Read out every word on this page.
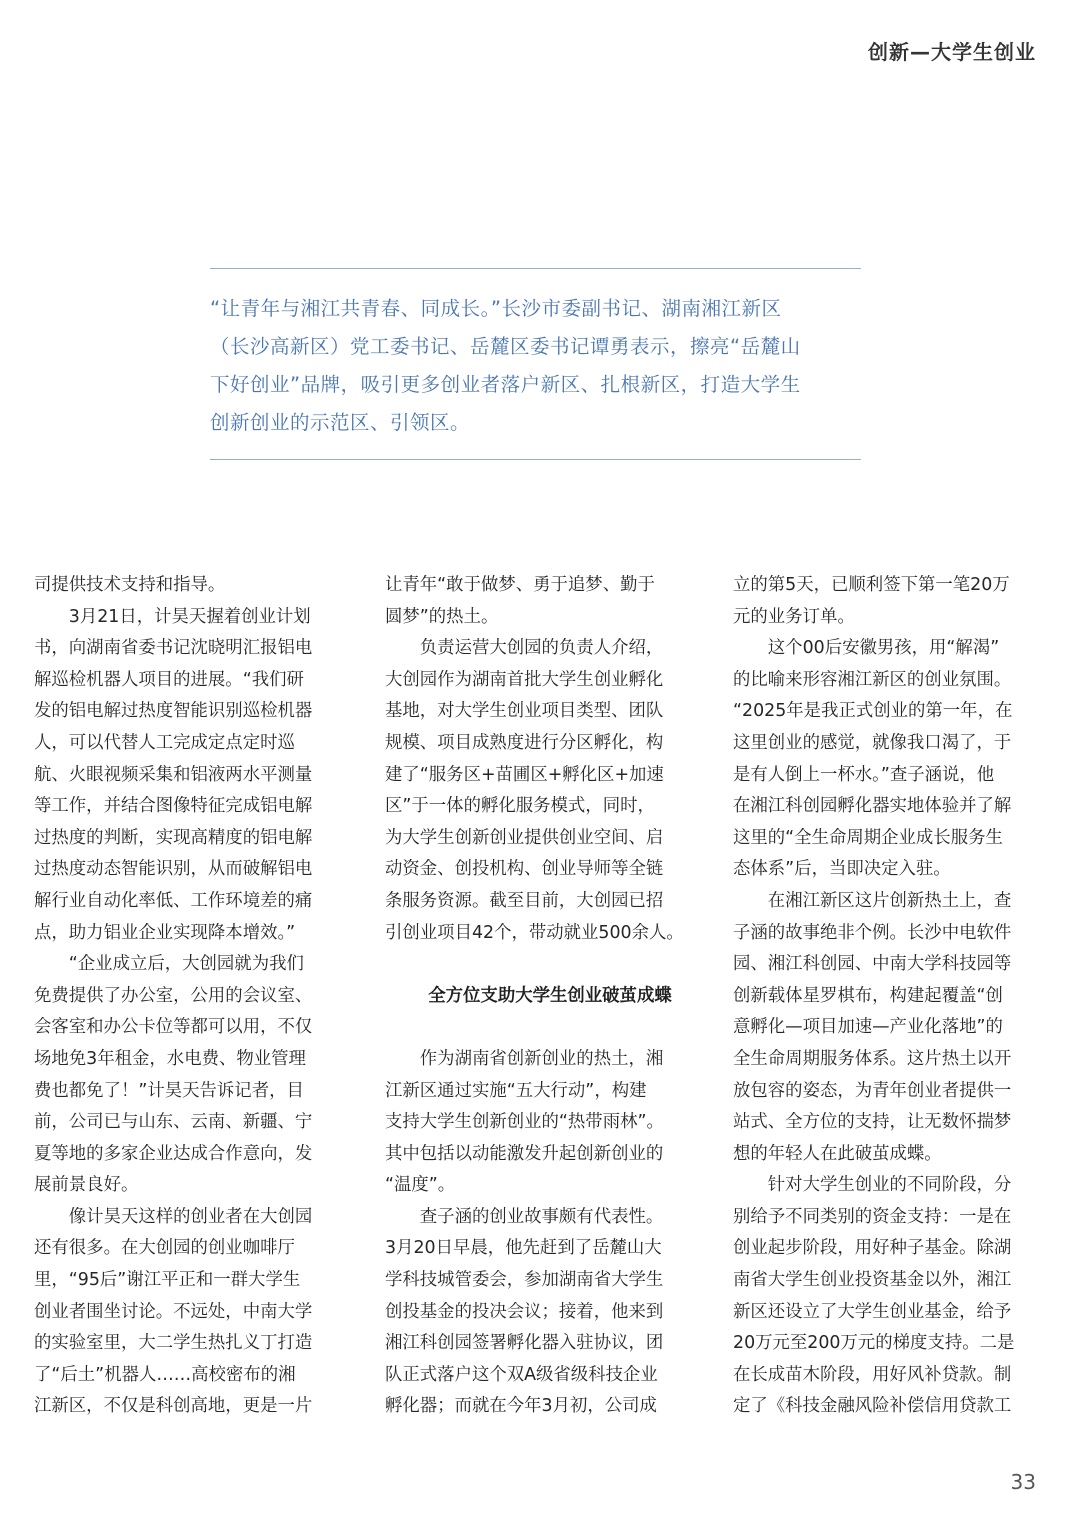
创新—大学生创业
“让青年与湘江共青春、同成长。”长沙市委副书记、湖南湘江新区
（长沙高新区）党工委书记、岳麓区委书记谭勇表示，擦亮“岳麓山
下好创业”品牌，吸引更多创业者落户新区、扎根新区，打造大学生
创新创业的示范区、引领区。
司提供技术支持和指导。
　　3月21日，计昊天握着创业计划
书，向湖南省委书记沈晓明汇报铝电
解巡检机器人项目的进展。“我们研
发的铝电解过热度智能识别巡检机器
人，可以代替人工完成定点定时巡
航、火眼视频采集和铝液两水平测量
等工作，并结合图像特征完成铝电解
过热度的判断，实现高精度的铝电解
过热度动态智能识别，从而破解铝电
解行业自动化率低、工作环境差的痛
点，助力铝业企业实现降本增效。”
　　“企业成立后，大创园就为我们
免费提供了办公室，公用的会议室、
会客室和办公卡位等都可以用，不仅
场地免3年租金，水电费、物业管理
费也都免了！”计昊天告诉记者，目
前，公司已与山东、云南、新疆、宁
夏等地的多家企业达成合作意向，发
展前景良好。
　　像计昊天这样的创业者在大创园
还有很多。在大创园的创业咖啡厅
里，“95后”谢江平正和一群大学生
创业者围坐讨论。不远处，中南大学
的实验室里，大二学生热扎义丁打造
了“后土”机器人……高校密布的湘
江新区，不仅是科创高地，更是一片
让青年“敢于做梦、勇于追梦、勤于
圆梦”的热土。
　　负责运营大创园的负责人介绍，
大创园作为湖南首批大学生创业孵化
基地，对大学生创业项目类型、团队
规模、项目成熟度进行分区孵化，构
建了“服务区+苗圃区+孵化区+加速
区”于一体的孵化服务模式，同时，
为大学生创新创业提供创业空间、启
动资金、创投机构、创业导师等全链
条服务资源。截至目前，大创园已招
引创业项目42个，带动就业500余人。
全方位支助大学生创业破茧成蝶
　　作为湖南省创新创业的热土，湘
江新区通过实施“五大行动”，构建
支持大学生创新创业的“热带雨林”。
其中包括以动能激发升起创新创业的
“温度”。
　　查子涵的创业故事颇有代表性。
3月20日早晨，他先赶到了岳麓山大
学科技城管委会，参加湖南省大学生
创投基金的投决会议；接着，他来到
湘江科创园签署孵化器入驻协议，团
队正式落户这个双A级省级科技企业
孵化器；而就在今年3月初，公司成
立的第5天，已顺利签下第一笔20万
元的业务订单。
　　这个00后安徽男孩，用“解渴”
的比喻来形容湘江新区的创业氛围。
“2025年是我正式创业的第一年，在
这里创业的感觉，就像我口渴了，于
是有人倒上一杯水。”查子涵说，他
在湘江科创园孵化器实地体验并了解
这里的“全生命周期企业成长服务生
态体系”后，当即决定入驻。
　　在湘江新区这片创新热土上，查
子涵的故事绝非个例。长沙中电软件
园、湘江科创园、中南大学科技园等
创新载体星罗棋布，构建起覆盖“创
意孵化—项目加速—产业化落地”的
全生命周期服务体系。这片热土以开
放包容的姿态，为青年创业者提供一
站式、全方位的支持，让无数怀揣梦
想的年轻人在此破茧成蝶。
　　针对大学生创业的不同阶段，分
别给予不同类别的资金支持：一是在
创业起步阶段，用好种子基金。除湖
南省大学生创业投资基金以外，湘江
新区还设立了大学生创业基金，给予
20万元至200万元的梯度支持。二是
在长成苗木阶段，用好风补贷款。制
定了《科技金融风险补偿信用贷款工
33
